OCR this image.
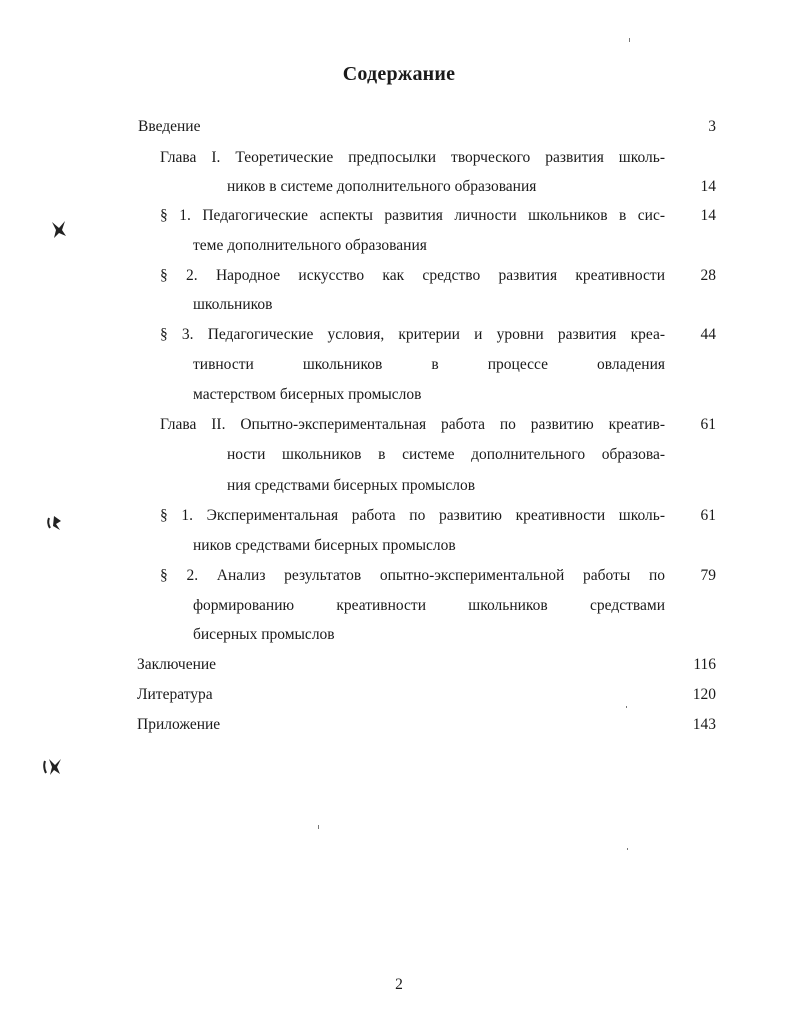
Содержание
Введение	3
Глава I. Теоретические предпосылки творческого развития школь-
ников в системе дополнительного образования	14
§ 1. Педагогические аспекты развития личности школьников в сис-	14
теме дополнительного образования
§ 2. Народное искусство как средство развития креативности	28
школьников
§ 3. Педагогические условия, критерии и уровни развития креа-	44
тивности школьников в процессе овладения
мастерством бисерных промыслов
Глава II. Опытно-экспериментальная работа по развитию креатив-	61
ности школьников в системе дополнительного образова-
ния средствами бисерных промыслов
§ 1. Экспериментальная работа по развитию креативности школь-	61
ников средствами бисерных промыслов
§ 2. Анализ результатов опытно-экспериментальной работы по	79
формированию креативности школьников средствами
бисерных промыслов
Заключение	116
Литература	120
Приложение	143
2
